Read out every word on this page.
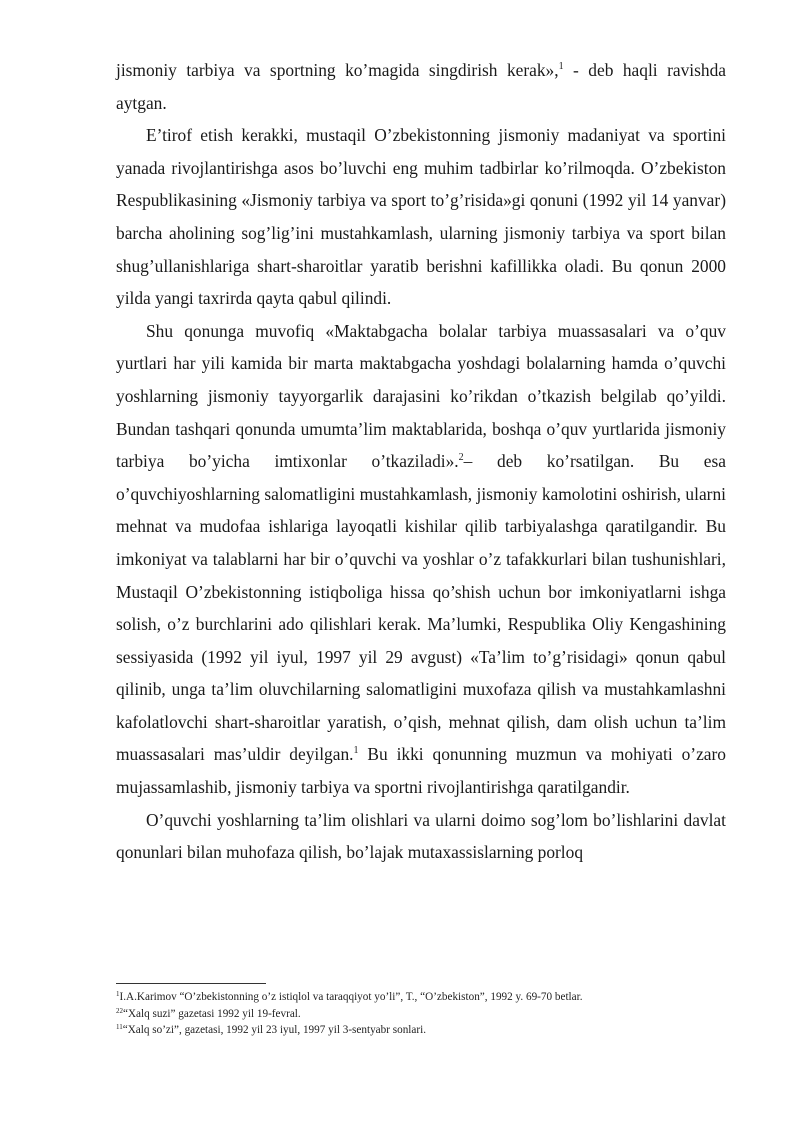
jismoniy tarbiya va sportning ko’magida singdirish kerak»,$^1$ - deb haqli ravishda aytgan.

E’tirof etish kerakki, mustaqil O’zbekistonning jismoniy madaniyat va sportini yanada rivojlantirishga asos bo’luvchi eng muhim tadbirlar ko’rilmoqda. O’zbekiston Respublikasining «Jismoniy tarbiya va sport to’g’risida»gi qonuni (1992 yil 14 yanvar) barcha aholining sog’lig’ini mustahkamlash, ularning jismoniy tarbiya va sport bilan shug’ullanishlariga shart-sharoitlar yaratib berishni kafillikka oladi. Bu qonun 2000 yilda yangi taxrirda qayta qabul qilindi.

Shu qonunga muvofiq «Maktabgacha bolalar tarbiya muassasalari va o’quv yurtlari har yili kamida bir marta maktabgacha yoshdagi bolalarning hamda o’quvchi yoshlarning jismoniy tayyorgarlik darajasini ko’rikdan o’tkazish belgilab qo’yildi. Bundan tashqari qonunda umumta’lim maktablarida, boshqa o’quv yurtlarida jismoniy tarbiya bo’yicha imtixonlar o’tkaziladi».$^2$– deb ko’rsatilgan. Bu esa o’quvchiyoshlarning salomatligini mustahkamlash, jismoniy kamolotini oshirish, ularni mehnat va mudofaa ishlariga layoqatli kishilar qilib tarbiyalashga qaratilgandir. Bu imkoniyat va talablarni har bir o’quvchi va yoshlar o’z tafakkurlari bilan tushunishlari, Mustaqil O’zbekistonning istiqboliga hissa qo’shish uchun bor imkoniyatlarni ishga solish, o’z burchlarini ado qilishlari kerak. Ma’lumki, Respublika Oliy Kengashining sessiyasida (1992 yil iyul, 1997 yil 29 avgust) «Ta’lim to’g’risidagi» qonun qabul qilinib, unga ta’lim oluvchilarning salomatligini muxofaza qilish va mustahkamlashni kafolatlovchi shart-sharoitlar yaratish, o’qish, mehnat qilish, dam olish uchun ta’lim muassasalari mas’uldir deyilgan.$^1$ Bu ikki qonunning muzmun va mohiyati o’zaro mujassamlashib, jismoniy tarbiya va sportni rivojlantirishga qaratilgandir.

O’quvchi yoshlarning ta’lim olishlari va ularni doimo sog’lom bo’lishlarini davlat qonunlari bilan muhofaza qilish, bo’lajak mutaxassislarning porloq

$^1$I.A.Karimov “O’zbekistonning o’z istiqlol va taraqqiyot yo’li”, T., “O’zbekiston”, 1992 y. 69-70 betlar.
$^{22}$“Xalq suzi” gazetasi 1992 yil 19-fevral.
$^{11}$“Xalq so’zi”, gazetasi, 1992 yil 23 iyul, 1997 yil 3-sentyabr sonlari.
